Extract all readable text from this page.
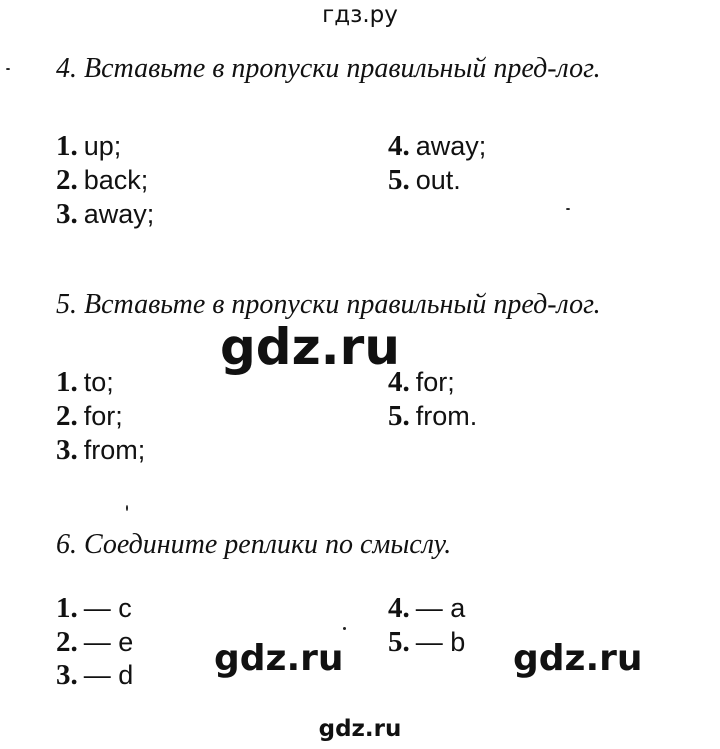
гдз.ру
gdz.ru
gdz.ru	gdz.ru
gdz.ru

4. Вставьте в пропуски правильный пред-лог.

1. up;
2. back;
3. away;
4. away;
5. out.

5. Вставьте в пропуски правильный пред-лог.

1. to;
2. for;
3. from;
4. for;
5. from.

6. Соедините реплики по смыслу.

1. — c
2. — e
3. — d
4. — a
5. — b
